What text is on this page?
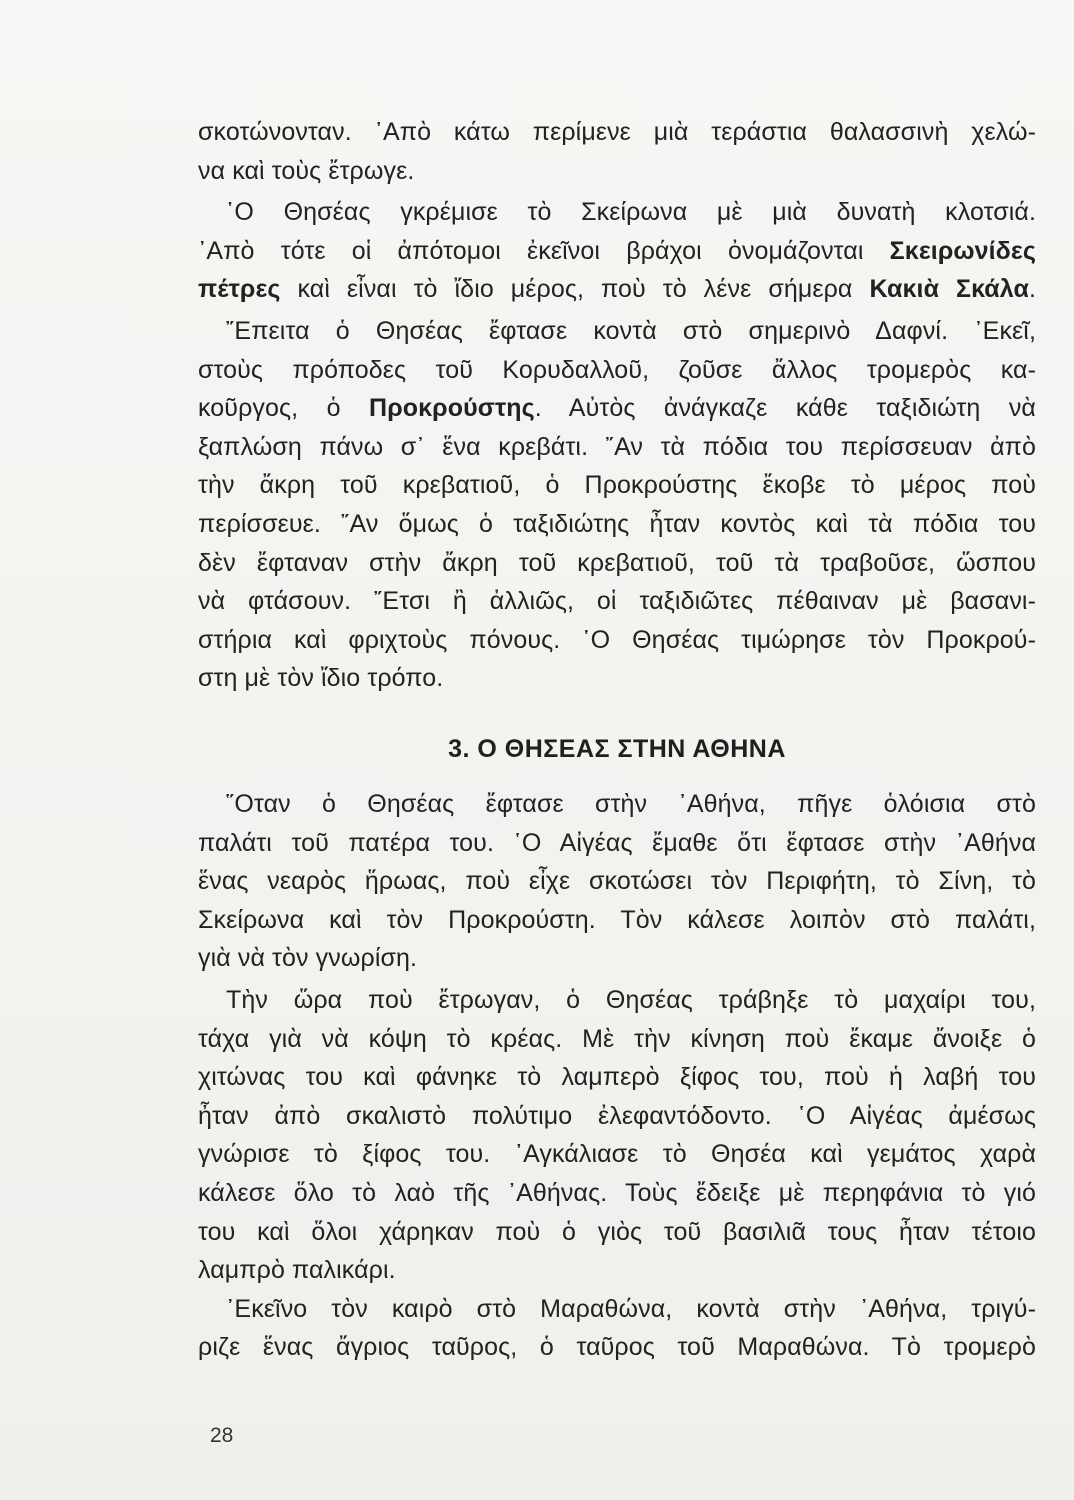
σκοτώνονταν. ᾿Απὸ κάτω περίμενε μιὰ τεράστια θαλασσινὴ χελώ-
να καὶ τοὺς ἔτρωγε.
῾Ο Θησέας γκρέμισε τὸ Σκείρωνα μὲ μιὰ δυνατὴ κλοτσιά.
᾿Απὸ τότε οἱ ἀπότομοι ἐκεῖνοι βράχοι ὀνομάζονται Σκειρωνίδες
πέτρες καὶ εἶναι τὸ ἴδιο μέρος, ποὺ τὸ λένε σήμερα Κακιὰ Σκάλα.
῎Επειτα ὁ Θησέας ἔφτασε κοντὰ στὸ σημερινὸ Δαφνί. ᾿Εκεῖ,
στοὺς πρόποδες τοῦ Κορυδαλλοῦ, ζοῦσε ἄλλος τρομερὸς κα-
κοῦργος, ὁ Προκρούστης. Αὐτὸς ἀνάγκαζε κάθε ταξιδιώτη νὰ
ξαπλώση πάνω σ᾿ ἕνα κρεβάτι. ῎Αν τὰ πόδια του περίσσευαν ἀπὸ
τὴν ἄκρη τοῦ κρεβατιοῦ, ὁ Προκρούστης ἔκοβε τὸ μέρος ποὺ
περίσσευε. ῎Αν ὅμως ὁ ταξιδιώτης ἦταν κοντὸς καὶ τὰ πόδια του
δὲν ἔφταναν στὴν ἄκρη τοῦ κρεβατιοῦ, τοῦ τὰ τραβοῦσε, ὥσπου
νὰ φτάσουν. ῎Ετσι ἢ ἀλλιῶς, οἱ ταξιδιῶτες πέθαιναν μὲ βασανι-
στήρια καὶ φριχτοὺς πόνους. ῾Ο Θησέας τιμώρησε τὸν Προκρού-
στη μὲ τὸν ἴδιο τρόπο.
3. Ο ΘΗΣΕΑΣ ΣΤΗΝ ΑΘΗΝΑ
῞Οταν ὁ Θησέας ἔφτασε στὴν ᾿Αθήνα, πῆγε ὁλόισια στὸ
παλάτι τοῦ πατέρα του. ῾Ο Αἰγέας ἔμαθε ὅτι ἔφτασε στὴν ᾿Αθήνα
ἕνας νεαρὸς ἥρωας, ποὺ εἶχε σκοτώσει τὸν Περιφήτη, τὸ Σίνη, τὸ
Σκείρωνα καὶ τὸν Προκρούστη. Τὸν κάλεσε λοιπὸν στὸ παλάτι,
γιὰ νὰ τὸν γνωρίση.
Τὴν ὥρα ποὺ ἔτρωγαν, ὁ Θησέας τράβηξε τὸ μαχαίρι του,
τάχα γιὰ νὰ κόψη τὸ κρέας. Μὲ τὴν κίνηση ποὺ ἔκαμε ἄνοιξε ὁ
χιτώνας του καὶ φάνηκε τὸ λαμπερὸ ξίφος του, ποὺ ἡ λαβή του
ἦταν ἀπὸ σκαλιστὸ πολύτιμο ἐλεφαντόδοντο. ῾Ο Αἰγέας ἀμέσως
γνώρισε τὸ ξίφος του. ᾿Αγκάλιασε τὸ Θησέα καὶ γεμάτος χαρὰ
κάλεσε ὅλο τὸ λαὸ τῆς ᾿Αθήνας. Τοὺς ἔδειξε μὲ περηφάνια τὸ γιό
του καὶ ὅλοι χάρηκαν ποὺ ὁ γιὸς τοῦ βασιλιᾶ τους ἦταν τέτοιο
λαμπρὸ παλικάρι.
᾿Εκεῖνο τὸν καιρὸ στὸ Μαραθώνα, κοντὰ στὴν ᾿Αθήνα, τριγύ-
ριζε ἕνας ἄγριος ταῦρος, ὁ ταῦρος τοῦ Μαραθώνα. Τὸ τρομερὸ
28
